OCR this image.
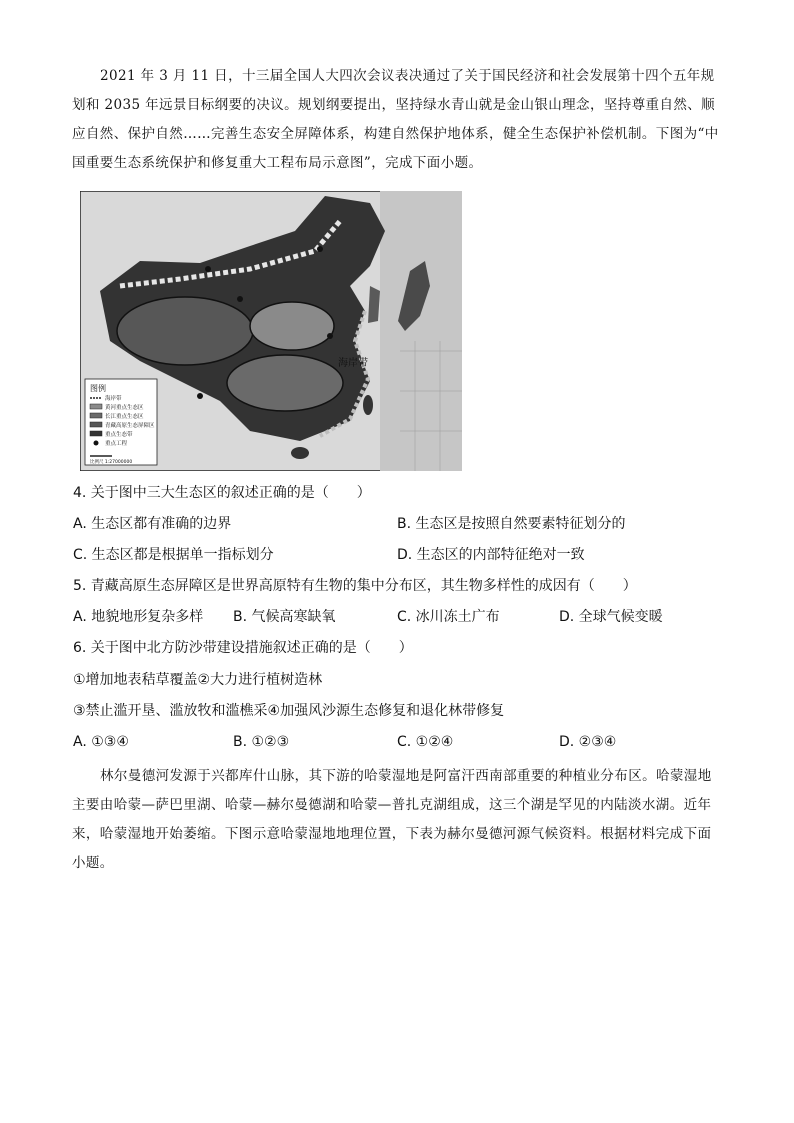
2021 年 3 月 11 日，十三届全国人大四次会议表决通过了关于国民经济和社会发展第十四个五年规划和 2035 年远景目标纲要的决议。规划纲要提出，坚持绿水青山就是金山银山理念，坚持尊重自然、顺应自然、保护自然……完善生态安全屏障体系，构建自然保护地体系，健全生态保护补偿机制。下图为“中国重要生态系统保护和修复重大工程布局示意图”，完成下面小题。
海岸带
图例
海岸带
黄河重点生态区
长江重点生态区
青藏高原生态屏障区
重点生态带
重点工程
比例尺 1:27000000
4. 关于图中三大生态区的叙述正确的是（　　）
A. 生态区都有准确的边界	B. 生态区是按照自然要素特征划分的
C. 生态区都是根据单一指标划分	D. 生态区的内部特征绝对一致
5. 青藏高原生态屏障区是世界高原特有生物的集中分布区，其生物多样性的成因有（　　）
A. 地貌地形复杂多样 B. 气候高寒缺氧	C. 冰川冻土广布	D. 全球气候变暖
6. 关于图中北方防沙带建设措施叙述正确的是（　　）
①增加地表秸草覆盖②大力进行植树造林
③禁止滥开垦、滥放牧和滥樵采④加强风沙源生态修复和退化林带修复
A. ①③④	B. ①②③	C. ①②④	D. ②③④
林尔曼德河发源于兴都库什山脉，其下游的哈蒙湿地是阿富汗西南部重要的种植业分布区。哈蒙湿地主要由哈蒙—萨巴里湖、哈蒙—赫尔曼德湖和哈蒙—普扎克湖组成，这三个湖是罕见的内陆淡水湖。近年来，哈蒙湿地开始萎缩。下图示意哈蒙湿地地理位置，下表为赫尔曼德河源气候资料。根据材料完成下面小题。
